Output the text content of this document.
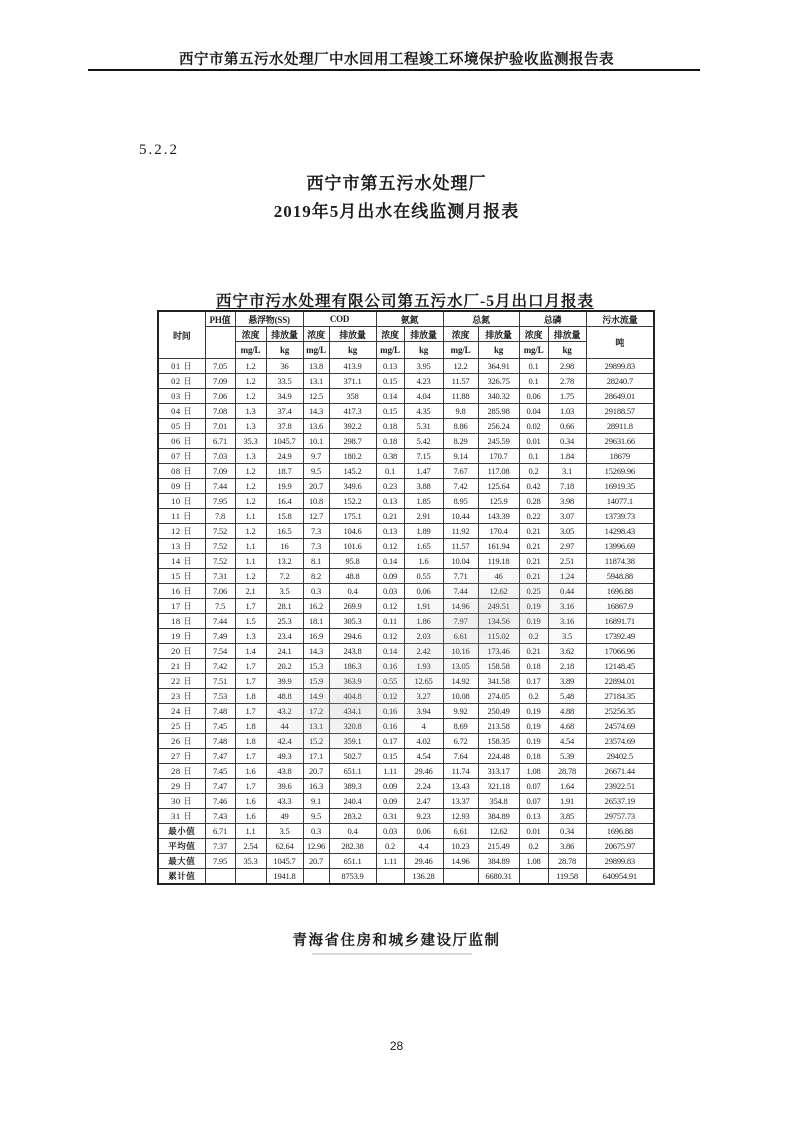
西宁市第五污水处理厂中水回用工程竣工环境保护验收监测报告表
5.2.2
西宁市第五污水处理厂
2019年5月出水在线监测月报表
西宁市污水处理有限公司第五污水厂-5月出口月报表
时间	PH值	悬浮物(SS)		COD		氨氮		总氮		总磷		污水流量
		浓度	排放量	浓度	排放量	浓度	排放量	浓度	排放量	浓度	排放量	吨
		mg/L	kg	mg/L	kg	mg/L	kg	mg/L	kg	mg/L	kg	
01 日	7.05	1.2	36	13.8	413.9	0.13	3.95	12.2	364.91	0.1	2.98	29899.83
02 日	7.09	1.2	33.5	13.1	371.1	0.15	4.23	11.57	326.75	0.1	2.78	28240.7
03 日	7.06	1.2	34.9	12.5	358	0.14	4.04	11.88	340.32	0.06	1.75	28649.01
04 日	7.08	1.3	37.4	14.3	417.3	0.15	4.35	9.8	285.98	0.04	1.03	29188.57
05 日	7.01	1.3	37.8	13.6	392.2	0.18	5.31	8.86	256.24	0.02	0.66	28911.8
06 日	6.71	35.3	1045.7	10.1	298.7	0.18	5.42	8.29	245.59	0.01	0.34	29631.66
07 日	7.03	1.3	24.9	9.7	180.2	0.38	7.15	9.14	170.7	0.1	1.84	18679
08 日	7.09	1.2	18.7	9.5	145.2	0.1	1.47	7.67	117.08	0.2	3.1	15269.96
09 日	7.44	1.2	19.9	20.7	349.6	0.23	3.88	7.42	125.64	0.42	7.18	16919.35
10 日	7.95	1.2	16.4	10.8	152.2	0.13	1.85	8.95	125.9	0.28	3.98	14077.1
11 日	7.8	1.1	15.8	12.7	175.1	0.21	2.91	10.44	143.39	0.22	3.07	13739.73
12 日	7.52	1.2	16.5	7.3	104.6	0.13	1.89	11.92	170.4	0.21	3.05	14298.43
13 日	7.52	1.1	16	7.3	101.6	0.12	1.65	11.57	161.94	0.21	2.97	13996.69
14 日	7.52	1.1	13.2	8.1	95.8	0.14	1.6	10.04	119.18	0.21	2.51	11874.38
15 日	7.31	1.2	7.2	8.2	48.8	0.09	0.55	7.71	46	0.21	1.24	5948.88
16 日	7.06	2.1	3.5	0.3	0.4	0.03	0.06	7.44	12.62	0.25	0.44	1696.88
17 日	7.5	1.7	28.1	16.2	269.9	0.12	1.91	14.96	249.51	0.19	3.16	16867.9
18 日	7.44	1.5	25.3	18.1	305.3	0.11	1.86	7.97	134.56	0.19	3.16	16891.71
19 日	7.49	1.3	23.4	16.9	294.6	0.12	2.03	6.61	115.02	0.2	3.5	17392.49
20 日	7.54	1.4	24.1	14.3	243.8	0.14	2.42	10.16	173.46	0.21	3.62	17066.96
21 日	7.42	1.7	20.2	15.3	186.3	0.16	1.93	13.05	158.58	0.18	2.18	12148.45
22 日	7.51	1.7	39.9	15.9	363.9	0.55	12.65	14.92	341.58	0.17	3.89	22894.01
23 日	7.53	1.8	48.8	14.9	404.8	0.12	3.27	10.08	274.05	0.2	5.48	27184.35
24 日	7.48	1.7	43.2	17.2	434.1	0.16	3.94	9.92	250.49	0.19	4.88	25256.35
25 日	7.45	1.8	44	13.1	320.8	0.16	4	8.69	213.58	0.19	4.68	24574.69
26 日	7.48	1.8	42.4	15.2	359.1	0.17	4.02	6.72	158.35	0.19	4.54	23574.69
27 日	7.47	1.7	49.3	17.1	502.7	0.15	4.54	7.64	224.48	0.18	5.39	29402.5
28 日	7.45	1.6	43.8	20.7	651.1	1.11	29.46	11.74	313.17	1.08	28.78	26671.44
29 日	7.47	1.7	39.6	16.3	389.3	0.09	2.24	13.43	321.18	0.07	1.64	23922.51
30 日	7.46	1.6	43.3	9.1	240.4	0.09	2.47	13.37	354.8	0.07	1.91	26537.19
31 日	7.43	1.6	49	9.5	283.2	0.31	9.23	12.93	384.89	0.13	3.85	29757.73
最小值	6.71	1.1	3.5	0.3	0.4	0.03	0.06	6.61	12.62	0.01	0.34	1696.88
平均值	7.37	2.54	62.64	12.96	282.38	0.2	4.4	10.23	215.49	0.2	3.86	20675.97
最大值	7.95	35.3	1045.7	20.7	651.1	1.11	29.46	14.96	384.89	1.08	28.78	29899.83
累计值			1941.8		8753.9		136.28		6680.31		119.58	640954.91
青海省住房和城乡建设厅监制
28
